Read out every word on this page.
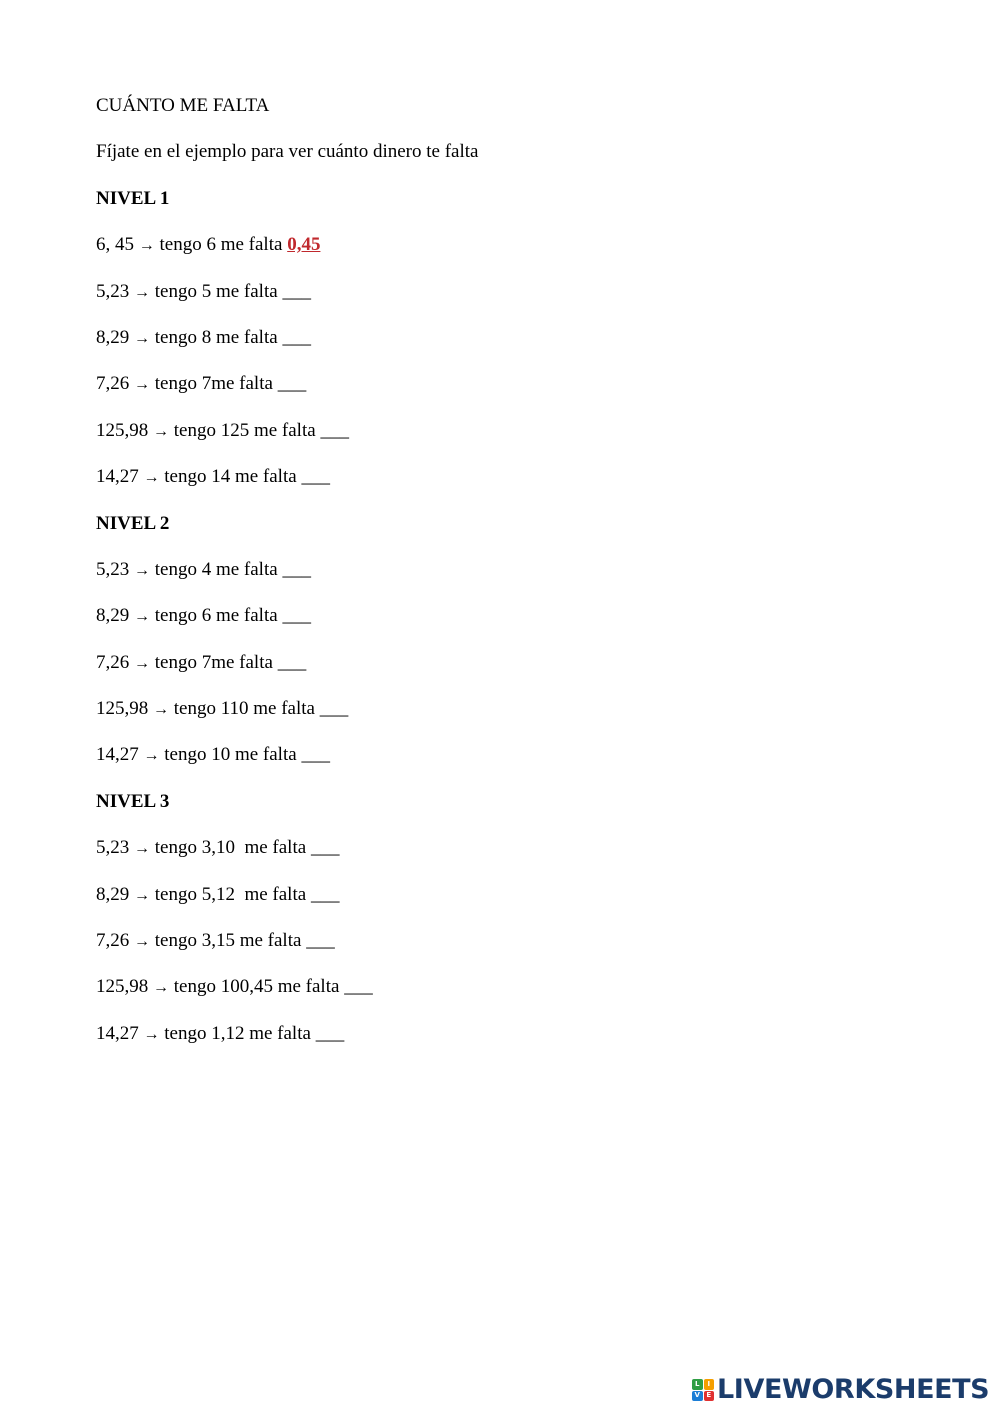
CUÁNTO ME FALTA
Fíjate en el ejemplo para ver cuánto dinero te falta
NIVEL 1
6, 45 → tengo 6 me falta 0,45
5,23 → tengo 5 me falta ___
8,29 → tengo 8 me falta ___
7,26 → tengo 7me falta ___
125,98 → tengo 125 me falta ___
14,27 → tengo 14 me falta ___
NIVEL 2
5,23 → tengo 4 me falta ___
8,29 → tengo 6 me falta ___
7,26 → tengo 7me falta ___
125,98 → tengo 110 me falta ___
14,27 → tengo 10 me falta ___
NIVEL 3
5,23 → tengo 3,10  me falta ___
8,29 → tengo 5,12  me falta ___
7,26 → tengo 3,15 me falta ___
125,98 → tengo 100,45 me falta ___
14,27 → tengo 1,12 me falta ___
L	I
V E LIVEWORKSHEETS
